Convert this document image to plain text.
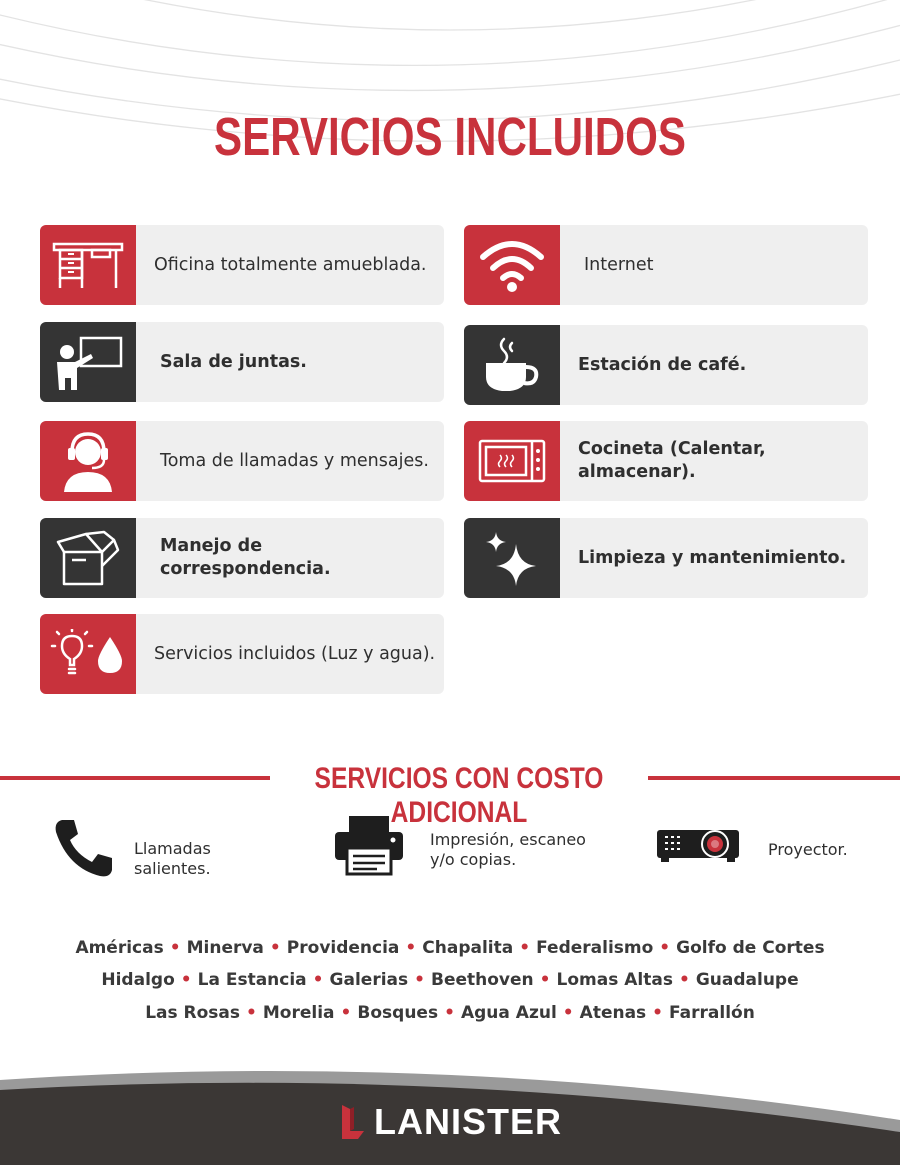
SERVICIOS INCLUIDOS
Oficina totalmente amueblada.	Internet
Sala de juntas.	Estación de café.
Toma de llamadas y mensajes.
Cocineta (Calentar, almacenar).
Manejo de correspondencia.
Limpieza y mantenimiento.
Servicios incluidos (Luz y agua).
SERVICIOS CON COSTO ADICIONAL
Llamadas salientes.
Impresión, escaneo y/o copias.
Proyector.
Américas • Minerva • Providencia • Chapalita • Federalismo • Golfo de Cortes
Hidalgo • La Estancia • Galerias • Beethoven • Lomas Altas • Guadalupe
Las Rosas • Morelia • Bosques • Agua Azul • Atenas • Farrallón
LANISTER
